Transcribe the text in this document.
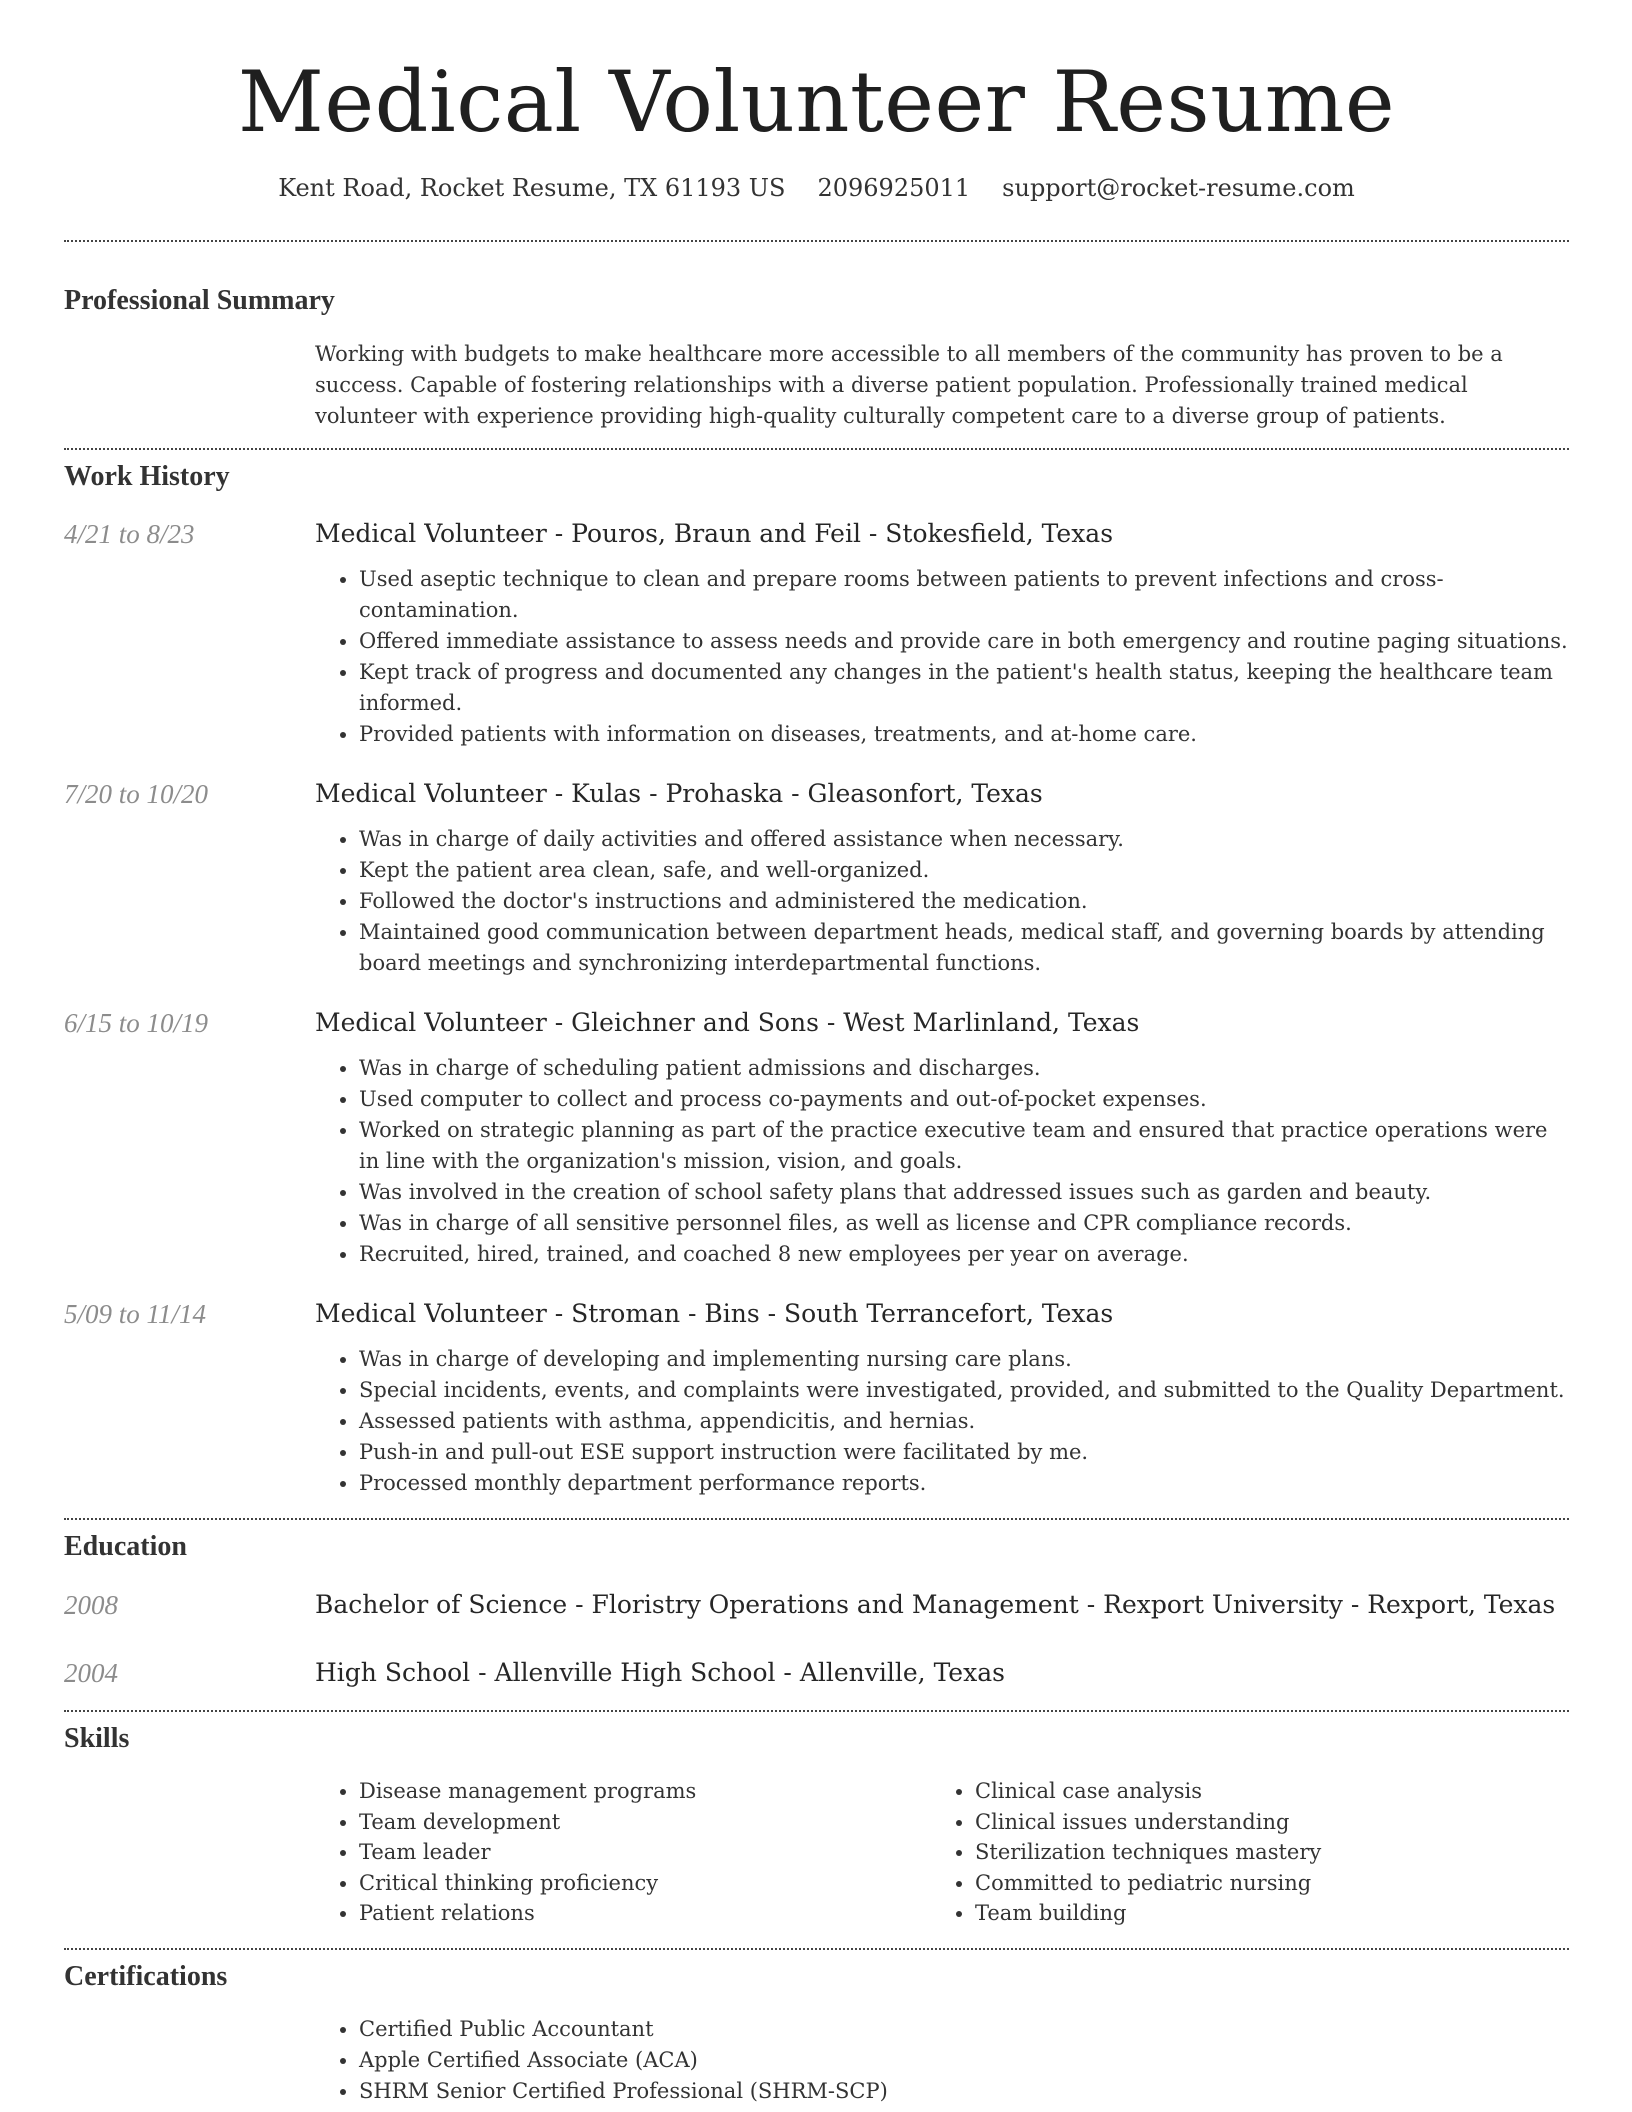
Medical Volunteer Resume
Kent Road, Rocket Resume, TX 61193 US 2096925011 support@rocket-resume.com
Professional Summary

Working with budgets to make healthcare more accessible to all members of the community has proven to be a success. Capable of fostering relationships with a diverse patient population. Professionally trained medical volunteer with experience providing high-quality culturally competent care to a diverse group of patients.

Work History
4/21 to 8/23	Medical Volunteer - Pouros, Braun and Feil - Stokesfield, Texas
• Used aseptic technique to clean and prepare rooms between patients to prevent infections and cross-contamination.
• Offered immediate assistance to assess needs and provide care in both emergency and routine paging situations.
• Kept track of progress and documented any changes in the patient's health status, keeping the healthcare team informed.
• Provided patients with information on diseases, treatments, and at-home care.
7/20 to 10/20	Medical Volunteer - Kulas - Prohaska - Gleasonfort, Texas
• Was in charge of daily activities and offered assistance when necessary.
• Kept the patient area clean, safe, and well-organized.
• Followed the doctor's instructions and administered the medication.
• Maintained good communication between department heads, medical staff, and governing boards by attending board meetings and synchronizing interdepartmental functions.
6/15 to 10/19	Medical Volunteer - Gleichner and Sons - West Marlinland, Texas
• Was in charge of scheduling patient admissions and discharges.
• Used computer to collect and process co-payments and out-of-pocket expenses.
• Worked on strategic planning as part of the practice executive team and ensured that practice operations were in line with the organization's mission, vision, and goals.
• Was involved in the creation of school safety plans that addressed issues such as garden and beauty.
• Was in charge of all sensitive personnel files, as well as license and CPR compliance records.
• Recruited, hired, trained, and coached 8 new employees per year on average.
5/09 to 11/14	Medical Volunteer - Stroman - Bins - South Terrancefort, Texas
• Was in charge of developing and implementing nursing care plans.
• Special incidents, events, and complaints were investigated, provided, and submitted to the Quality Department.
• Assessed patients with asthma, appendicitis, and hernias.
• Push-in and pull-out ESE support instruction were facilitated by me.
• Processed monthly department performance reports.
Education
2008	Bachelor of Science - Floristry Operations and Management - Rexport University - Rexport, Texas
2004	High School - Allenville High School - Allenville, Texas
Skills
• Disease management programs
• Team development
• Team leader
• Critical thinking proficiency
• Patient relations
• Clinical case analysis
• Clinical issues understanding
• Sterilization techniques mastery
• Committed to pediatric nursing
• Team building
Certifications
• Certified Public Accountant
• Apple Certified Associate (ACA)
• SHRM Senior Certified Professional (SHRM-SCP)
